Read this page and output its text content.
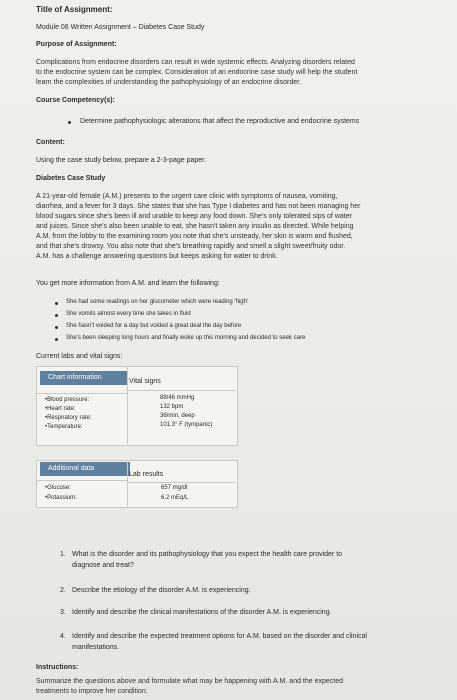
Title of Assignment:
Module 06 Written Assignment – Diabetes Case Study
Purpose of Assignment:
Complications from endocrine disorders can result in wide systemic effects. Analyzing disorders related
to the endocrine system can be complex. Consideration of an endocrine case study will help the student
learn the complexities of understanding the pathophysiology of an endocrine disorder.
Course Competency(s):
Determine pathophysiologic alterations that affect the reproductive and endocrine systems
Content:
Using the case study below, prepare a 2-3-page paper.
Diabetes Case Study
A 21-year-old female (A.M.) presents to the urgent care clinic with symptoms of nausea, vomiting,
diarrhea, and a fever for 3 days. She states that she has Type I diabetes and has not been managing her
blood sugars since she's been ill and unable to keep any food down. She's only tolerated sips of water
and juices. Since she's also been unable to eat, she hasn't taken any insulin as directed. While helping
A.M. from the lobby to the examining room you note that she's unsteady, her skin is warm and flushed,
and that she's drowsy. You also note that she's breathing rapidly and smell a slight sweet/fruity odor.
A.M. has a challenge answering questions but keeps asking for water to drink.
You get more information from A.M. and learn the following:
She had some readings on her glucometer which were reading 'high'
She vomits almost every time she takes in fluid
She hasn't voided for a day but voided a great deal the day before
She's been sleeping long hours and finally woke up this morning and decided to seek care
Current labs and vital signs:
Chart information
Vital signs
•Blood pressure:	88/46 mmHg
•Heart rate:	132 bpm
•Respiratory rate:	36/min, deep
•Temperature:	101.3° F (tympanic)
Additional data
Lab results
•Glucose:	657 mg/dl
•Potassium:	6.2 mEq/L
1. What is the disorder and its pathophysiology that you expect the health care provider to
diagnose and treat?
2. Describe the etiology of the disorder A.M. is experiencing.
3. Identify and describe the clinical manifestations of the disorder A.M. is experiencing.
4. Identify and describe the expected treatment options for A.M. based on the disorder and clinical
manifestations.
Instructions:
Summarize the questions above and formulate what may be happening with A.M. and the expected
treatments to improve her condition.
